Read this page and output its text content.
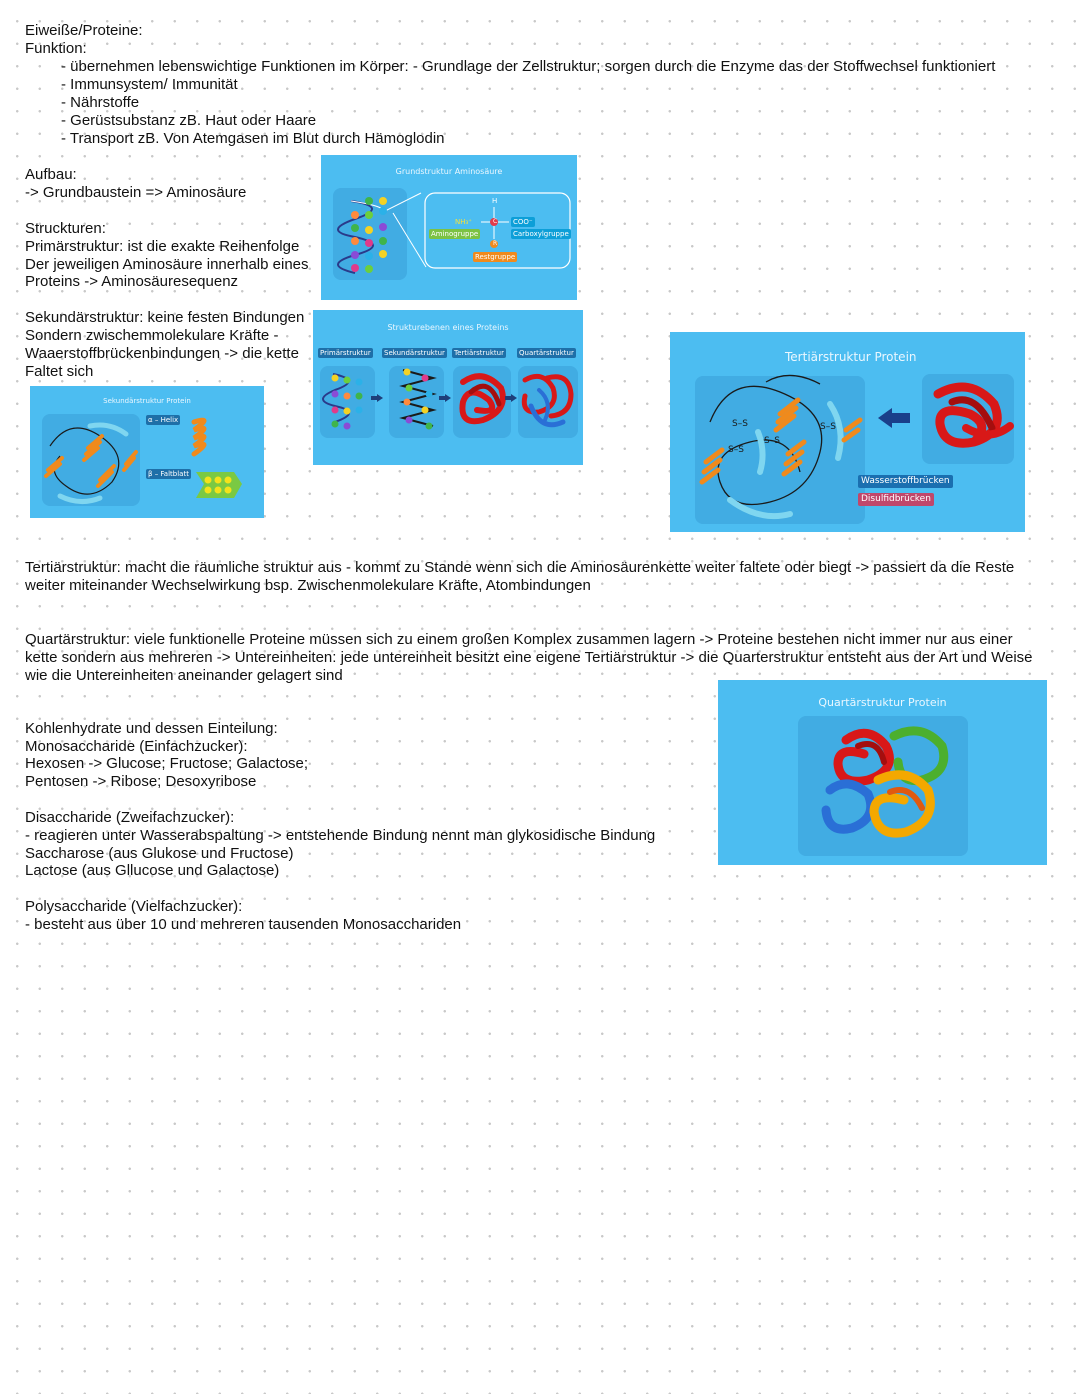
Eiweiße/Proteine:

Funktion:

- übernehmen lebenswichtige Funktionen im Körper: - Grundlage der Zellstruktur; sorgen durch die Enzyme das der Stoffwechsel funktioniert

- Immunsystem/ Immunität

- Nährstoffe

- Gerüstsubstanz zB. Haut oder Haare

- Transport zB. Von Atemgasen im Blut durch Hämoglodin

Aufbau:

-> Grundbaustein => Aminosäure

Struckturen:

Primärstruktur: ist die exakte Reihenfolge

Der jeweiligen Aminosäure innerhalb eines

Proteins -> Aminosäuresequenz

Sekundärstruktur: keine festen Bindungen

Sondern zwischemmolekulare Kräfte -

Waaerstoffbrückenbindungen -> die kette

Faltet sich

Tertiärstruktur: macht die räumliche struktur aus - kommt zu Stande wenn sich die Aminosäurenkette weiter faltete oder biegt -> passiert da die Reste weiter miteinander Wechselwirkung bsp. Zwischenmolekulare Kräfte, Atombindungen

Quartärstruktur: viele funktionelle Proteine müssen sich zu einem großen Komplex zusammen lagern -> Proteine bestehen nicht immer nur aus einer kette sondern aus mehreren -> Untereinheiten: jede untereinheit besitzt eine eigene Tertiärstruktur -> die Quarterstruktur entsteht aus der Art und Weise wie die Untereinheiten aneinander gelagert sind

Kohlenhydrate und dessen Einteilung:

Monosaccharide (Einfachzucker):

Hexosen -> Glucose; Fructose; Galactose;

Pentosen -> Ribose; Desoxyribose

Disaccharide (Zweifachzucker):

- reagieren unter Wasserabspaltung -> entstehende Bindung nennt man glykosidische Bindung

Saccharose (aus Glukose und Fructose)

Lactose (aus Gllucose und Galactose)

Polysaccharide (Vielfachzucker):

- besteht aus über 10 und mehreren tausenden Monosacchariden

Grundstruktur Aminosäure
H
C
NH₃⁺	COO⁻
R
Aminogruppe	Carboxylgruppe
Restgruppe
Strukturebenen eines Proteins
Primärstruktur Sekundärstruktur Tertiärstruktur Quartärstruktur
Sekundärstruktur Protein
α – Helix
β – Faltblatt
Tertiärstruktur Protein
S–S
S–S
S–S
S–S
Wasserstoffbrücken
Disulfidbrücken
Quartärstruktur Protein
